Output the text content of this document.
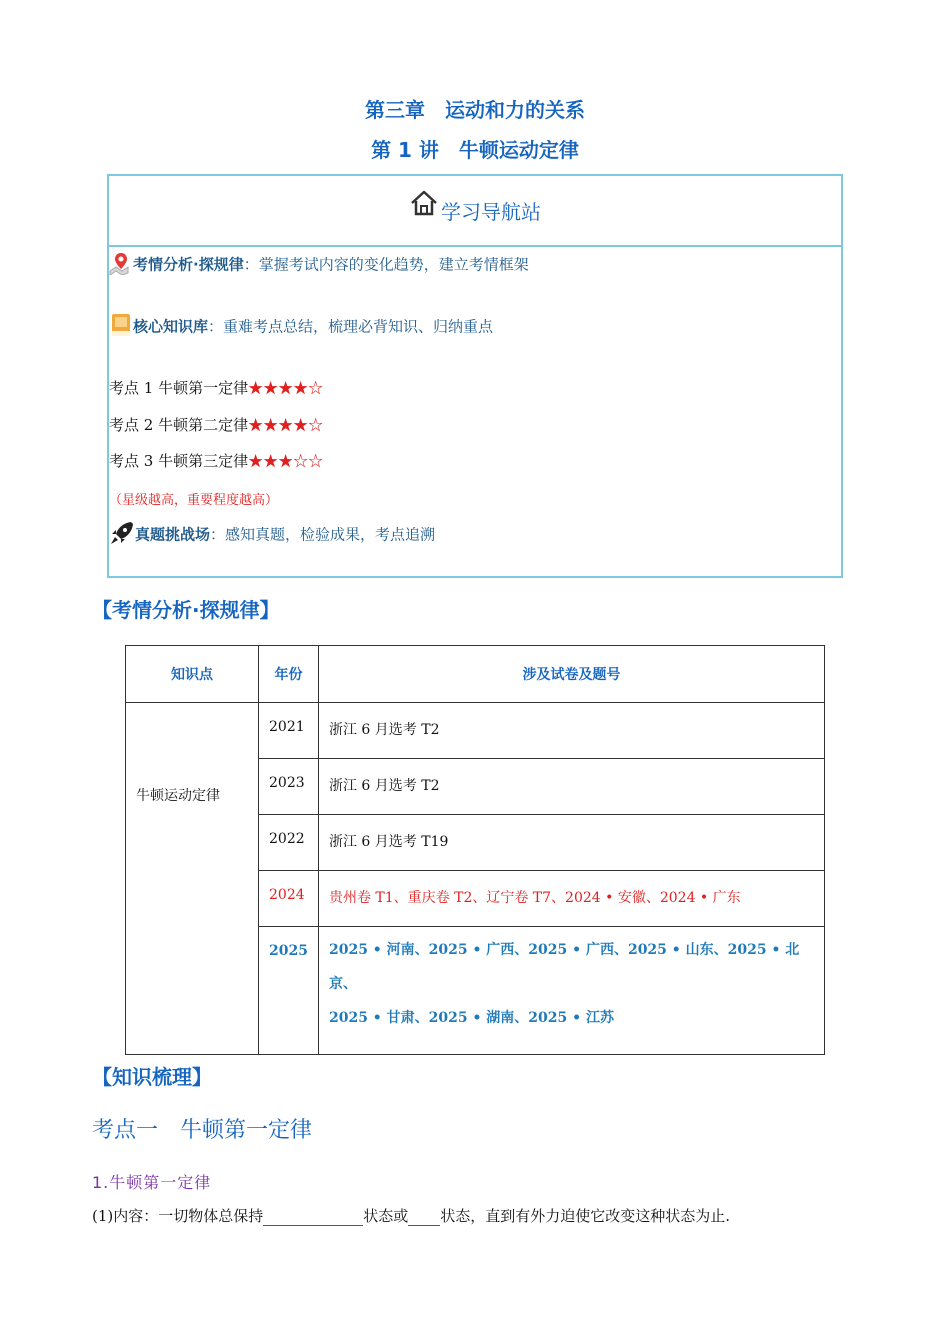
第三章　运动和力的关系
第 1 讲　牛顿运动定律
学习导航站
考情分析·探规律：掌握考试内容的变化趋势，建立考情框架
核心知识库：重难考点总结，梳理必背知识、归纳重点
考点 1 牛顿第一定律★★★★☆
考点 2 牛顿第二定律★★★★☆
考点 3 牛顿第三定律★★★☆☆
（星级越高，重要程度越高）
真题挑战场：感知真题，检验成果，考点追溯
【考情分析·探规律】
知识点	年份	涉及试卷及题号
牛顿运动定律	2021	浙江 6 月选考 T2
	2023	浙江 6 月选考 T2
	2022	浙江 6 月选考 T19
	2024	贵州卷 T1、重庆卷 T2、辽宁卷 T7、2024 • 安徽、2024 • 广东
	2025	2025 • 河南、2025 • 广西、2025 • 广西、2025 • 山东、2025 • 北京、
2025 • 甘肃、2025 • 湖南、2025 • 江苏
【知识梳理】
考点一　牛顿第一定律
1.牛顿第一定律
(1)内容：一切物体总保持	状态或 状态，直到有外力迫使它改变这种状态为止.
